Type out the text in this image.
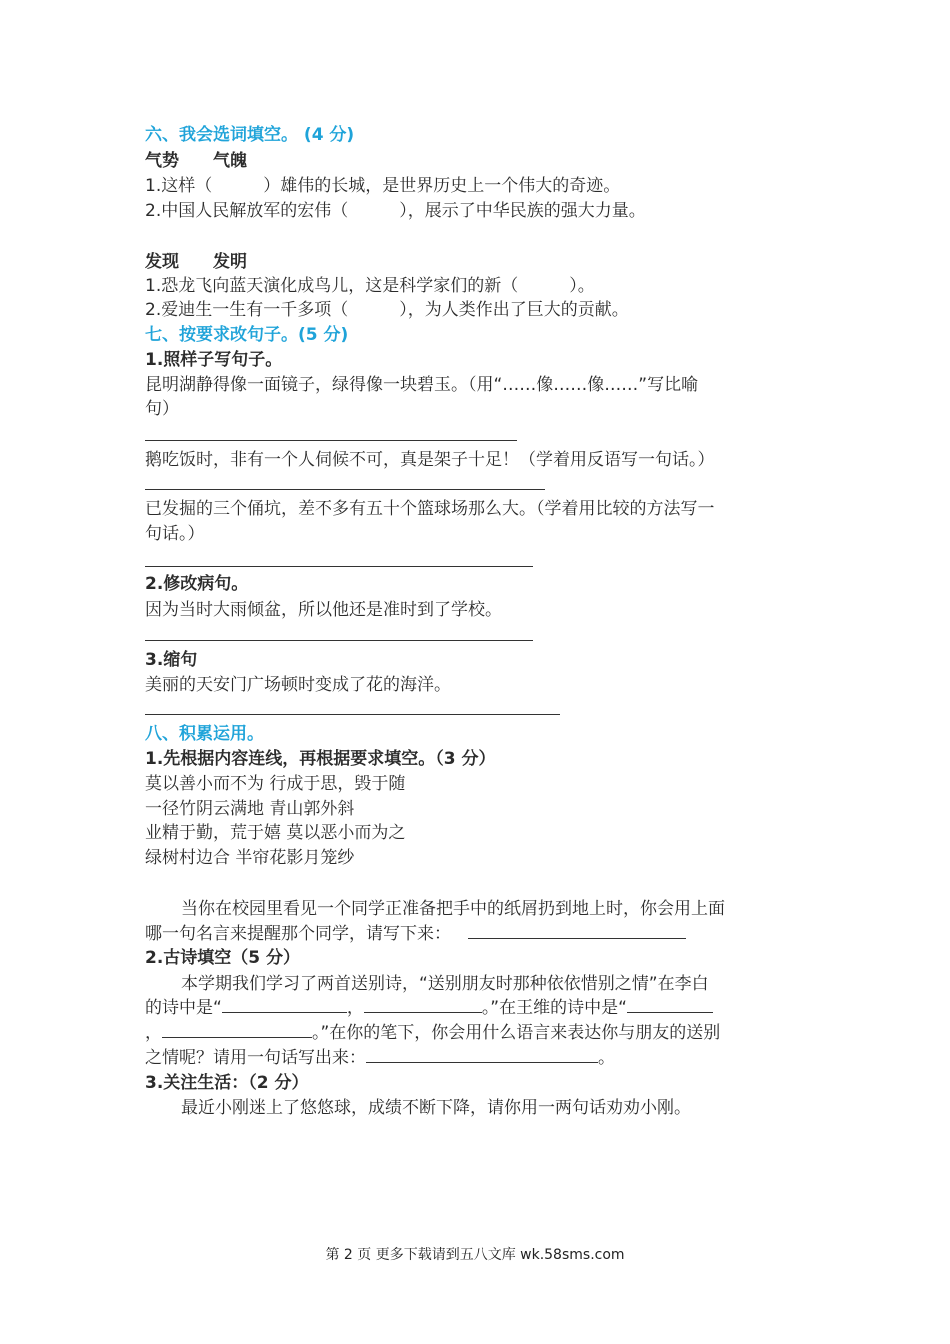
六、我会选词填空。 (4 分)
气势　　气魄
1.这样（　　　）雄伟的长城，是世界历史上一个伟大的奇迹。
2.中国人民解放军的宏伟（　　　），展示了中华民族的强大力量。
发现　　发明
1.恐龙飞向蓝天演化成鸟儿，这是科学家们的新（　　　）。
2.爱迪生一生有一千多项（　　　），为人类作出了巨大的贡献。
七、按要求改句子。(5 分)
1.照样子写句子。
昆明湖静得像一面镜子，绿得像一块碧玉。（用“……像……像……”写比喻
句）
鹅吃饭时，非有一个人伺候不可，真是架子十足！（学着用反语写一句话。）
已发掘的三个俑坑，差不多有五十个篮球场那么大。（学着用比较的方法写一
句话。）
2.修改病句。
因为当时大雨倾盆，所以他还是准时到了学校。
3.缩句
美丽的天安门广场顿时变成了花的海洋。
八、积累运用。
1.先根据内容连线，再根据要求填空。（3 分）
莫以善小而不为 行成于思，毁于随
一径竹阴云满地 青山郭外斜
业精于勤，荒于嬉 莫以恶小而为之
绿树村边合 半帘花影月笼纱
当你在校园里看见一个同学正准备把手中的纸屑扔到地上时，你会用上面
哪一句名言来提醒那个同学，请写下来：
2.古诗填空（5 分）
本学期我们学习了两首送别诗，“送别朋友时那种依依惜别之情”在李白
的诗中是“	，	。”在王维的诗中是“
，	。”在你的笔下，你会用什么语言来表达你与朋友的送别
之情呢？请用一句话写出来：	。
3.关注生活：（2 分）
最近小刚迷上了悠悠球，成绩不断下降，请你用一两句话劝劝小刚。
第 2 页 更多下载请到五八文库 wk.58sms.com
